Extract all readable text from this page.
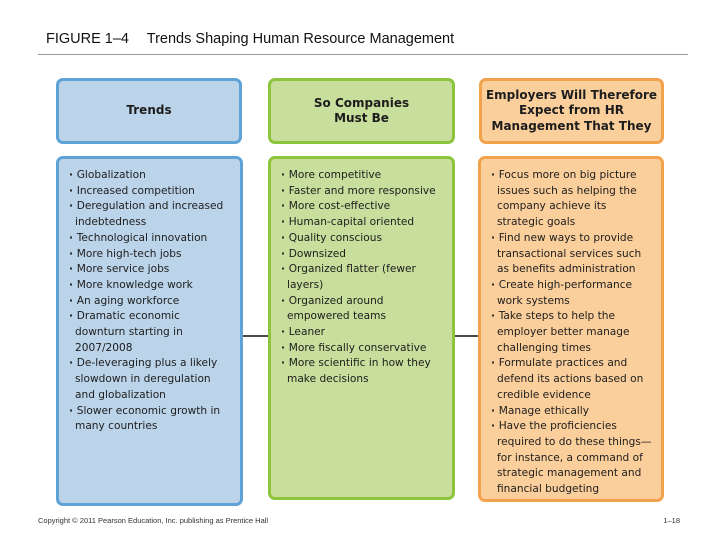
FIGURE 1–4 Trends Shaping Human Resource Management
Trends
· Globalization
· Increased competition
· Deregulation and increased indebtedness
· Technological innovation
· More high-tech jobs
· More service jobs
· More knowledge work
· An aging workforce
· Dramatic economic downturn starting in 2007/2008
· De-leveraging plus a likely slowdown in deregulation and globalization
· Slower economic growth in many countries
So Companies
Must Be
· More competitive
· Faster and more responsive
· More cost-effective
· Human-capital oriented
· Quality conscious
· Downsized
· Organized flatter (fewer layers)
· Organized around empowered teams
· Leaner
· More fiscally conservative
· More scientific in how they make decisions
Employers Will Therefore
Expect from HR
Management That They
· Focus more on big picture issues such as helping the company achieve its strategic goals
· Find new ways to provide transactional services such as benefits administration
· Create high-performance work systems
· Take steps to help the employer better manage challenging times
· Formulate practices and defend its actions based on credible evidence
· Manage ethically
· Have the proficiencies required to do these things—for instance, a command of strategic management and financial budgeting
Copyright © 2011 Pearson Education, Inc. publishing as Prentice Hall	1–18
